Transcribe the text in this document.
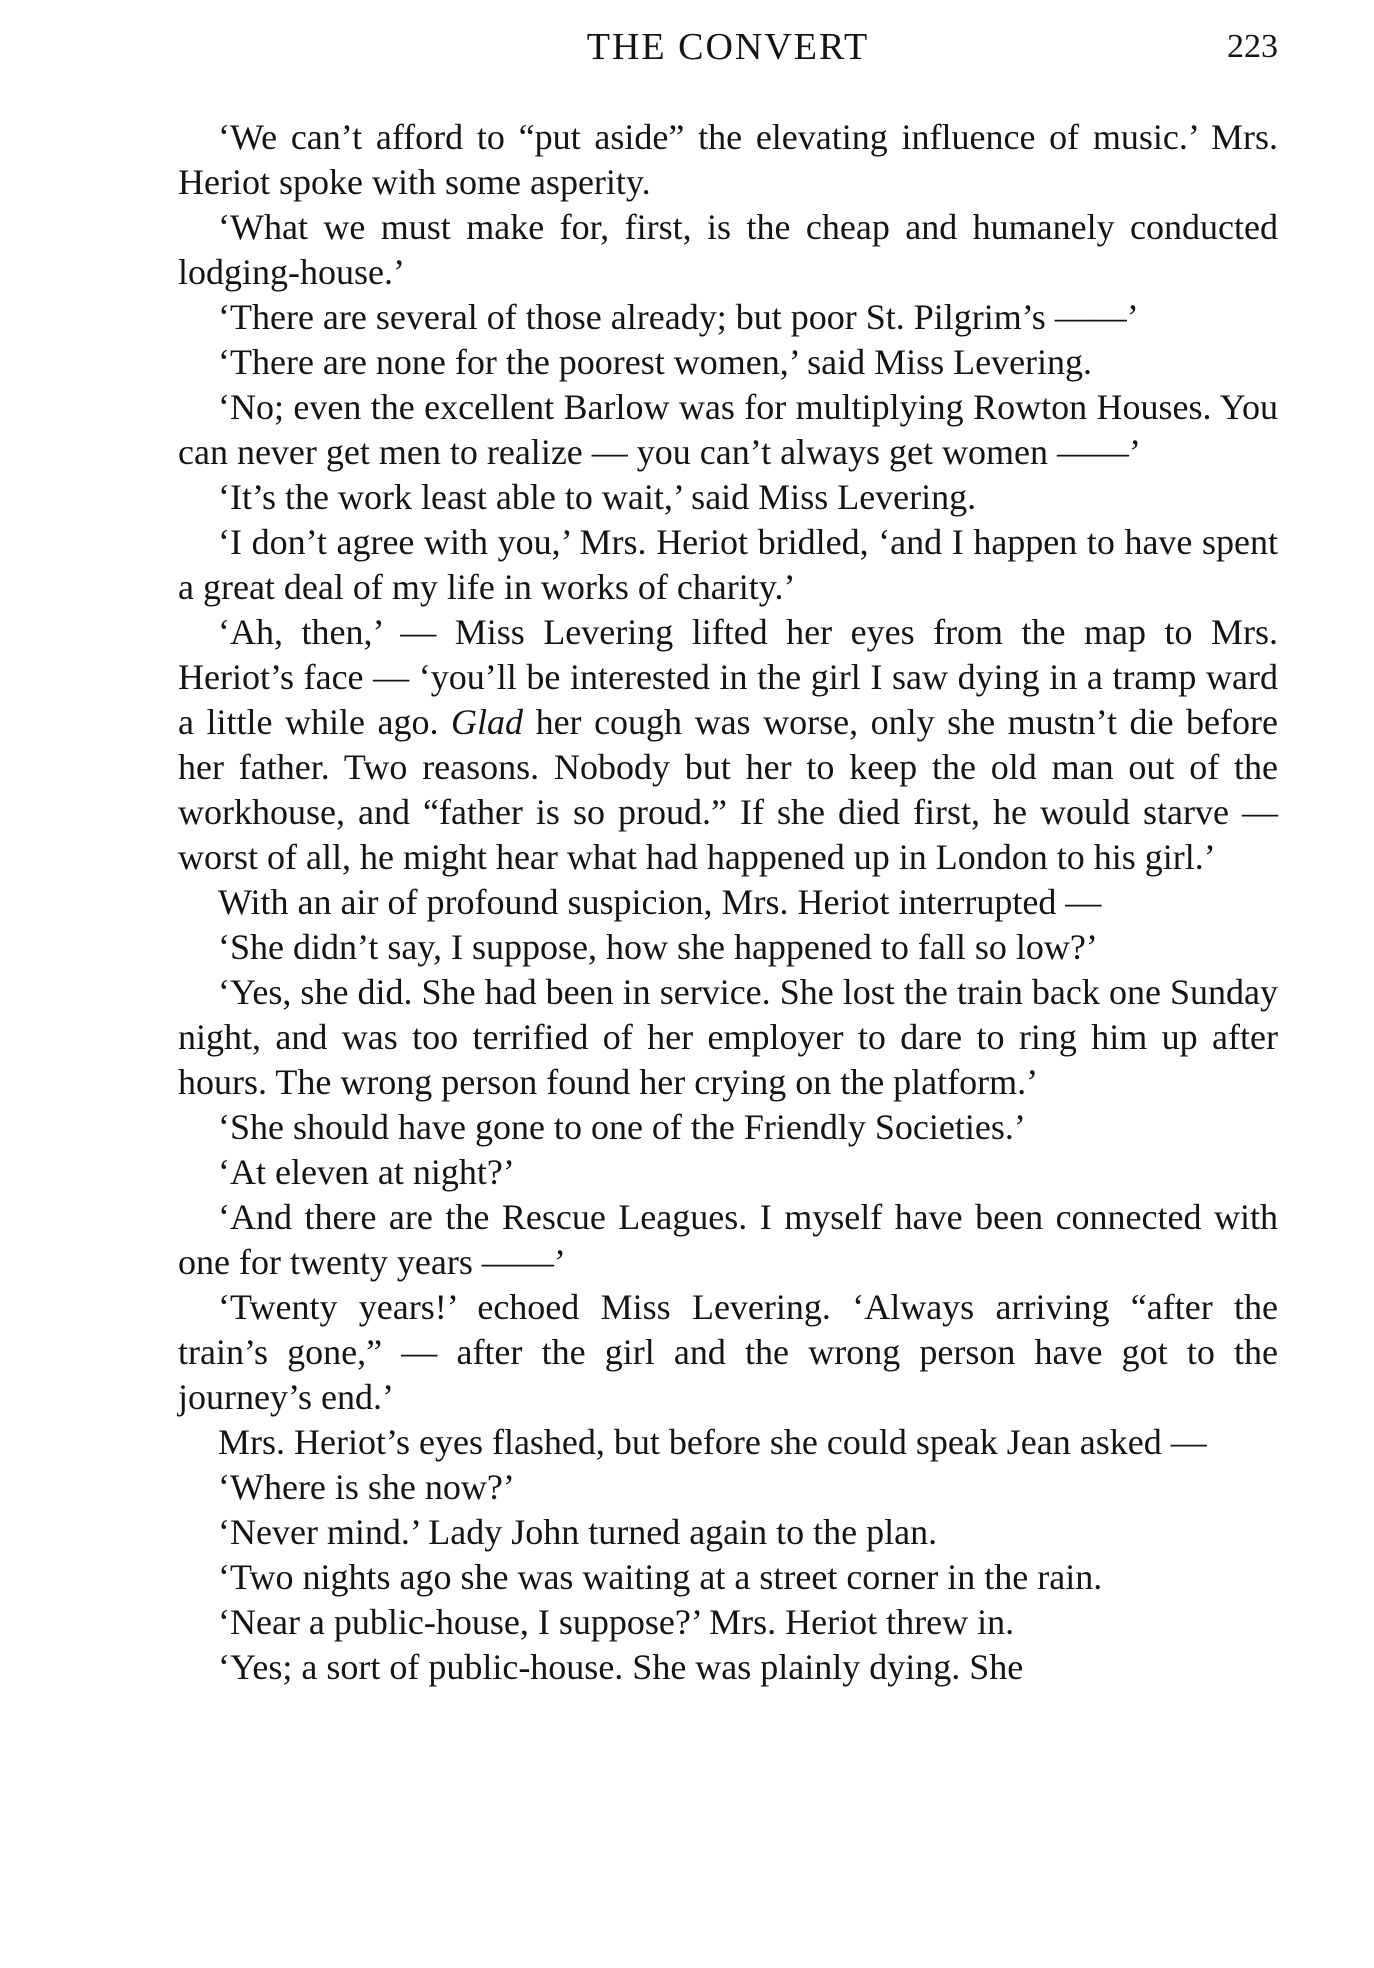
THE CONVERT	223

‘We can’t afford to “put aside” the elevating influence of music.’ Mrs. Heriot spoke with some asperity.

‘What we must make for, first, is the cheap and humanely conducted lodging-house.’

‘There are several of those already; but poor St. Pilgrim’s ——’

‘There are none for the poorest women,’ said Miss Levering.

‘No; even the excellent Barlow was for multiplying Rowton Houses. You can never get men to realize — you can’t always get women ——’

‘It’s the work least able to wait,’ said Miss Levering.

‘I don’t agree with you,’ Mrs. Heriot bridled, ‘and I happen to have spent a great deal of my life in works of charity.’

‘Ah, then,’ — Miss Levering lifted her eyes from the map to Mrs. Heriot’s face — ‘you’ll be interested in the girl I saw dying in a tramp ward a little while ago. Glad her cough was worse, only she mustn’t die before her father. Two reasons. Nobody but her to keep the old man out of the workhouse, and “father is so proud.” If she died first, he would starve — worst of all, he might hear what had happened up in London to his girl.’

With an air of profound suspicion, Mrs. Heriot interrupted —

‘She didn’t say, I suppose, how she happened to fall so low?’

‘Yes, she did. She had been in service. She lost the train back one Sunday night, and was too terrified of her employer to dare to ring him up after hours. The wrong person found her crying on the platform.’

‘She should have gone to one of the Friendly Societies.’

‘At eleven at night?’

‘And there are the Rescue Leagues. I myself have been connected with one for twenty years ——’

‘Twenty years!’ echoed Miss Levering. ‘Always arriving “after the train’s gone,” — after the girl and the wrong person have got to the journey’s end.’

Mrs. Heriot’s eyes flashed, but before she could speak Jean asked —

‘Where is she now?’

‘Never mind.’ Lady John turned again to the plan.

‘Two nights ago she was waiting at a street corner in the rain.

‘Near a public-house, I suppose?’ Mrs. Heriot threw in.

‘Yes; a sort of public-house. She was plainly dying. She
